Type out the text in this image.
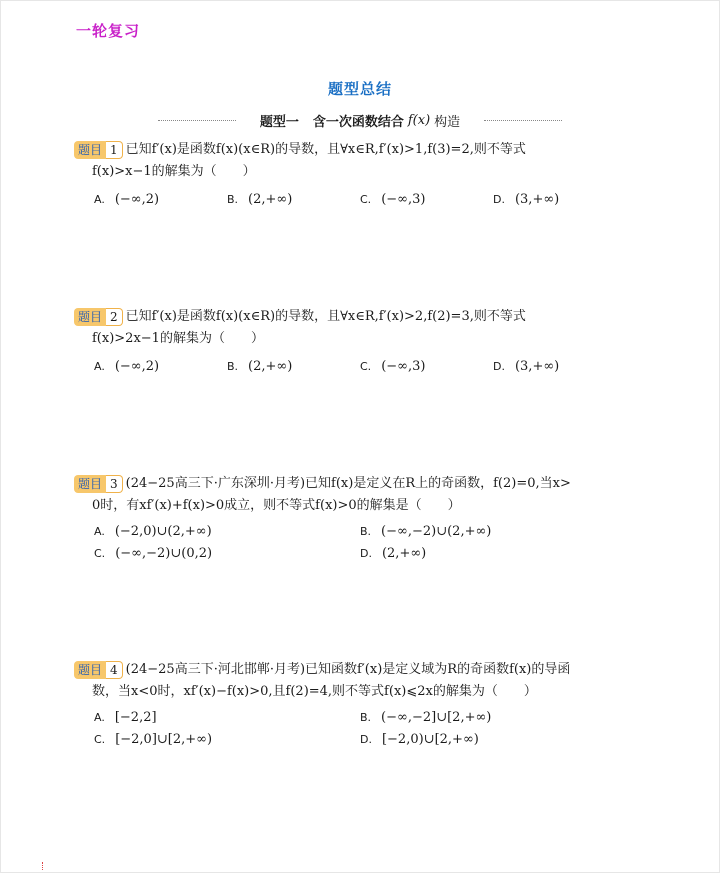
一轮复习
题型总结
题型一 含一次函数结合 f(x) 构造
题目 1 已知f′(x)是函数f(x)(x∈R)的导数，且∀x∈R,f′(x)>1,f(3)=2,则不等式
f(x)>x−1的解集为（　　）
A. (−∞,2)	B. (2,+∞)	C. (−∞,3)	D. (3,+∞)
题目 2 已知f′(x)是函数f(x)(x∈R)的导数，且∀x∈R,f′(x)>2,f(2)=3,则不等式
f(x)>2x−1的解集为（　　）
A. (−∞,2)	B. (2,+∞)	C. (−∞,3)	D. (3,+∞)
题目 3 (24−25高三下·广东深圳·月考)已知f(x)是定义在R上的奇函数，f(2)=0,当x>
0时，有xf′(x)+f(x)>0成立，则不等式f(x)>0的解集是（　　）
A. (−2,0)∪(2,+∞)	B. (−∞,−2)∪(2,+∞)
C. (−∞,−2)∪(0,2)	D. (2,+∞)
题目 4 (24−25高三下·河北邯郸·月考)已知函数f′(x)是定义域为R的奇函数f(x)的导函
数，当x<0时，xf′(x)−f(x)>0,且f(2)=4,则不等式f(x)⩽2x的解集为（　　）
A. [−2,2]	B. (−∞,−2]∪[2,+∞)
C. [−2,0]∪[2,+∞)	D. [−2,0)∪[2,+∞)
